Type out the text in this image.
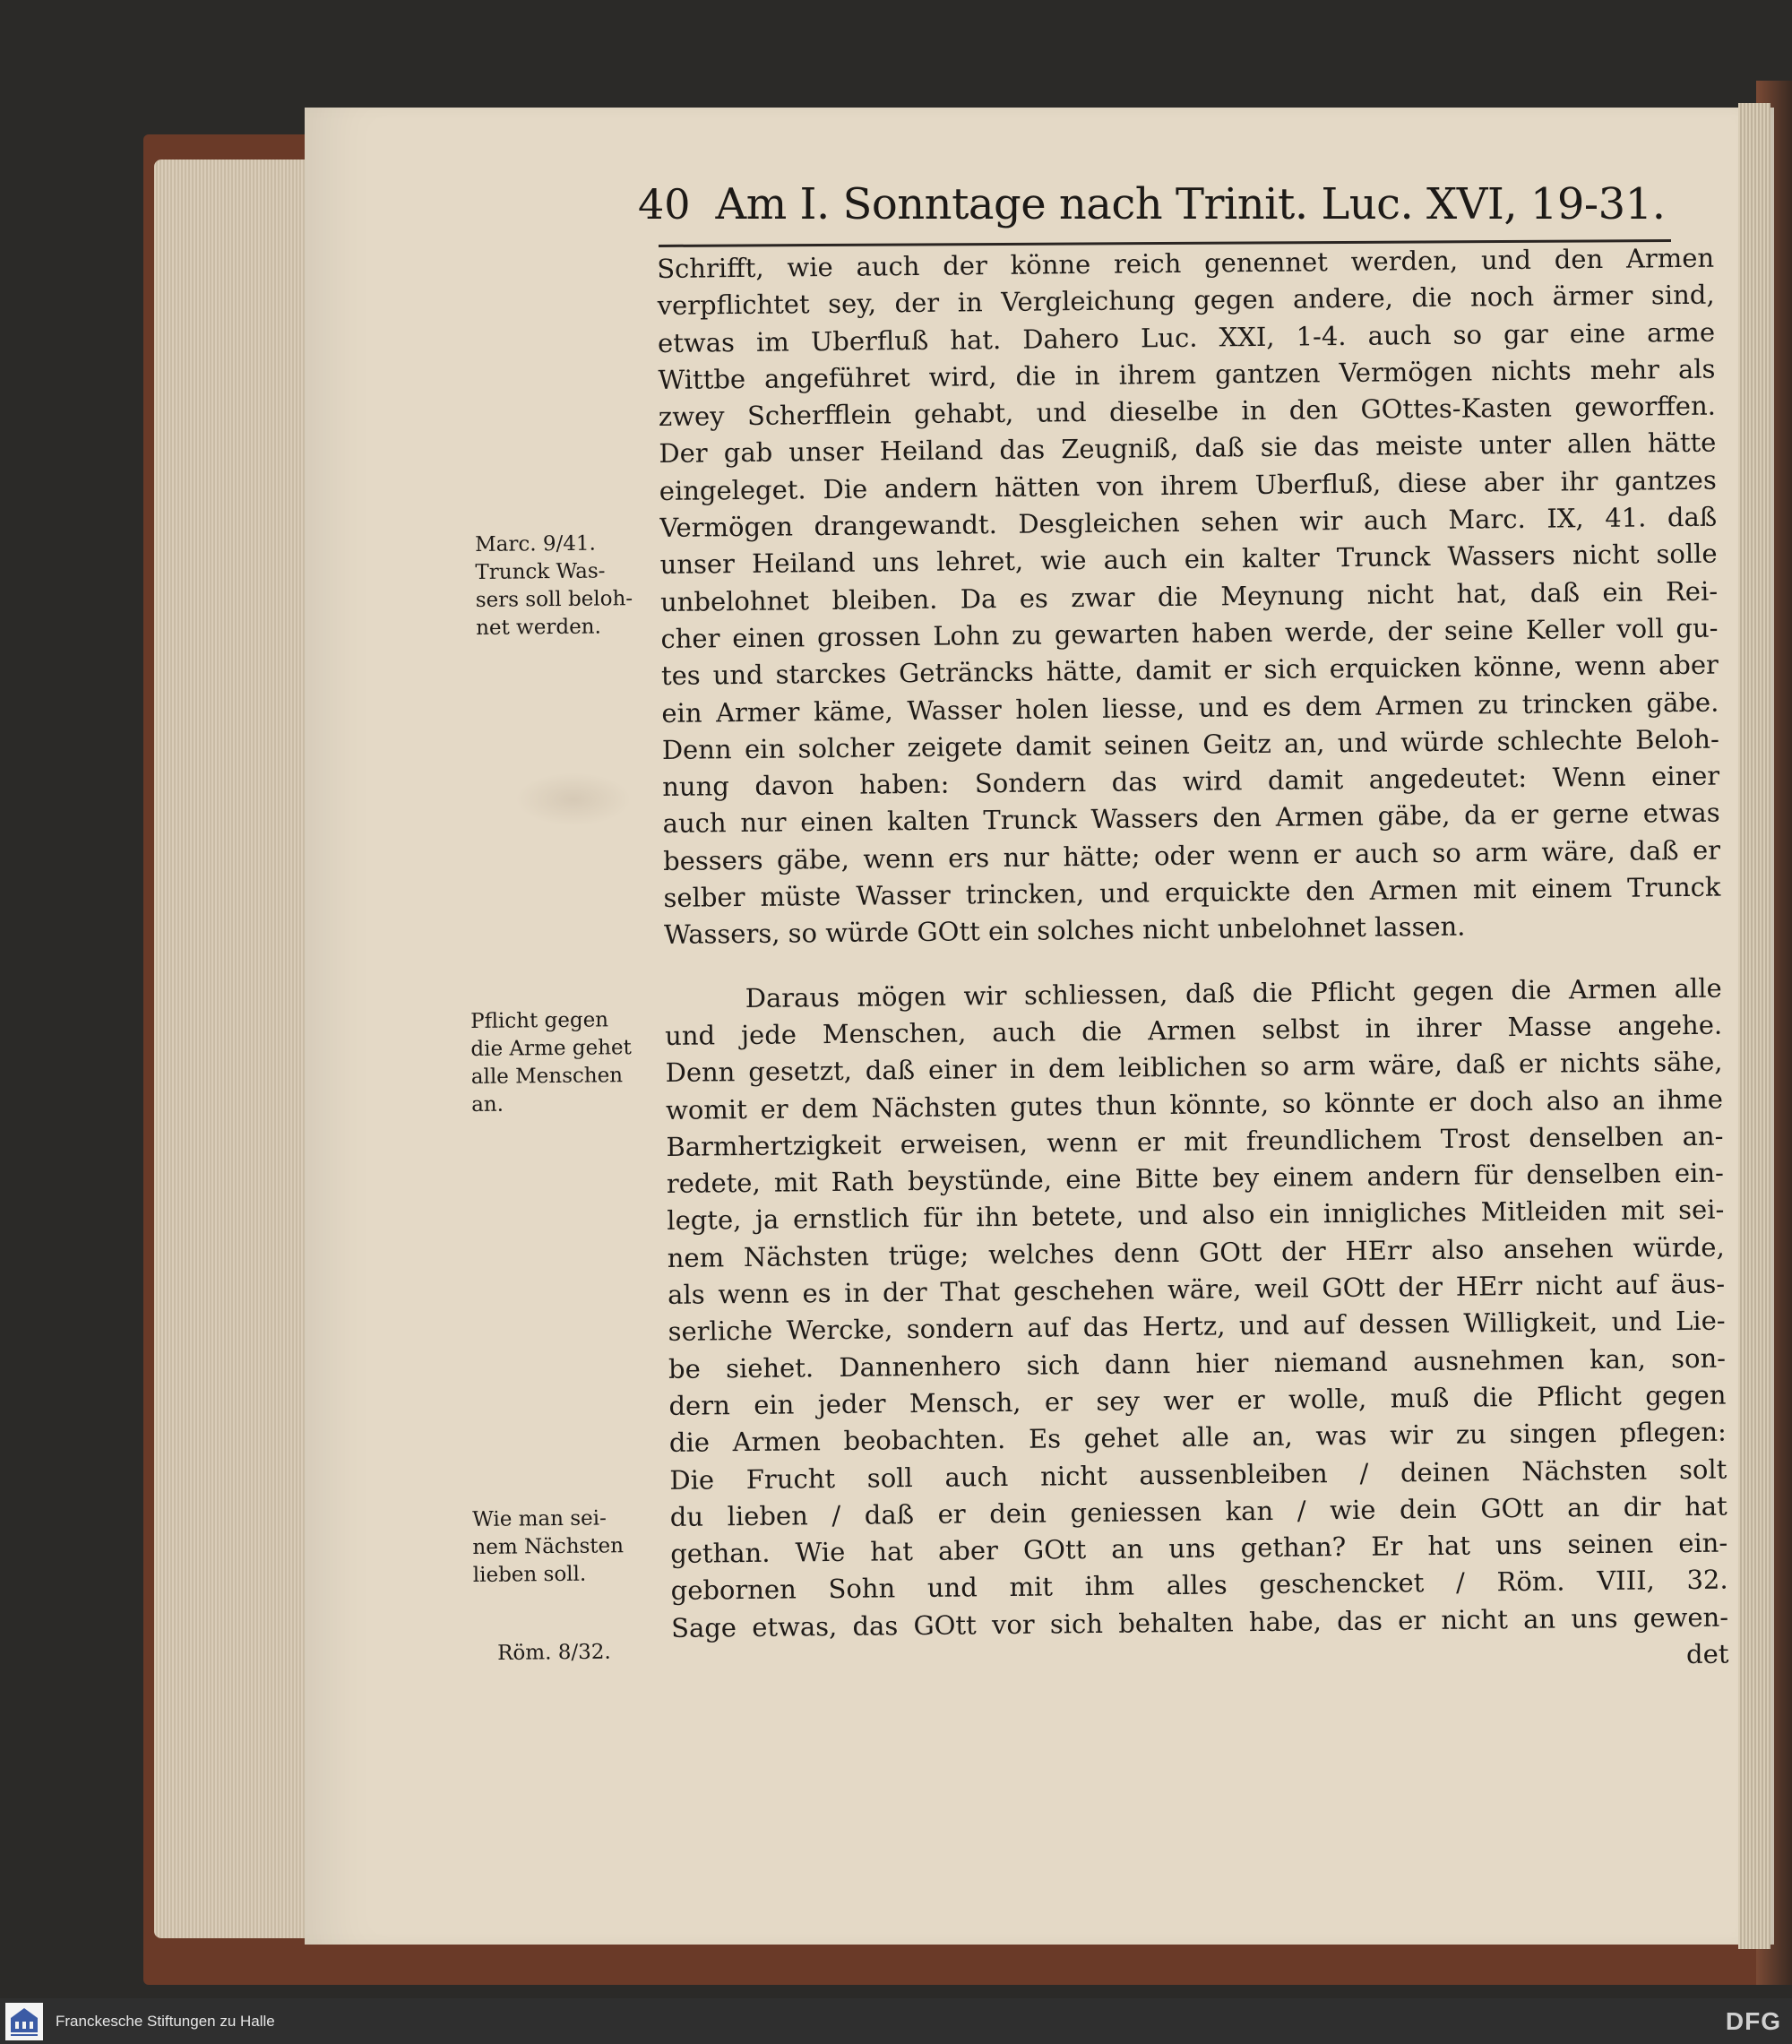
40 Am I. Sonntage nach Trinit. Luc. XVI, 19-31.
Schrifft, wie auch der könne reich genennet werden, und den Armen
verpflichtet sey, der in Vergleichung gegen andere, die noch ärmer sind,
etwas im Uberfluß hat. Dahero Luc. XXI, 1-4. auch so gar eine arme
Wittbe angeführet wird, die in ihrem gantzen Vermögen nichts mehr als
zwey Scherfflein gehabt, und dieselbe in den GOttes-Kasten geworffen.
Der gab unser Heiland das Zeugniß, daß sie das meiste unter allen hätte
eingeleget. Die andern hätten von ihrem Uberfluß, diese aber ihr gantzes
Vermögen drangewandt. Desgleichen sehen wir auch Marc. IX, 41. daß
unser Heiland uns lehret, wie auch ein kalter Trunck Wassers nicht solle
unbelohnet bleiben. Da es zwar die Meynung nicht hat, daß ein Rei-
cher einen grossen Lohn zu gewarten haben werde, der seine Keller voll gu-
tes und starckes Geträncks hätte, damit er sich erquicken könne, wenn aber
ein Armer käme, Wasser holen liesse, und es dem Armen zu trincken gäbe.
Denn ein solcher zeigete damit seinen Geitz an, und würde schlechte Beloh-
nung davon haben: Sondern das wird damit angedeutet: Wenn einer
auch nur einen kalten Trunck Wassers den Armen gäbe, da er gerne etwas
bessers gäbe, wenn ers nur hätte; oder wenn er auch so arm wäre, daß er
selber müste Wasser trincken, und erquickte den Armen mit einem Trunck
Wassers, so würde GOtt ein solches nicht unbelohnet lassen.
Daraus mögen wir schliessen, daß die Pflicht gegen die Armen alle
und jede Menschen, auch die Armen selbst in ihrer Masse angehe.
Denn gesetzt, daß einer in dem leiblichen so arm wäre, daß er nichts sähe,
womit er dem Nächsten gutes thun könnte, so könnte er doch also an ihme
Barmhertzigkeit erweisen, wenn er mit freundlichem Trost denselben an-
redete, mit Rath beystünde, eine Bitte bey einem andern für denselben ein-
legte, ja ernstlich für ihn betete, und also ein innigliches Mitleiden mit sei-
nem Nächsten trüge; welches denn GOtt der HErr also ansehen würde,
als wenn es in der That geschehen wäre, weil GOtt der HErr nicht auf äus-
serliche Wercke, sondern auf das Hertz, und auf dessen Willigkeit, und Lie-
be siehet. Dannenhero sich dann hier niemand ausnehmen kan, son-
dern ein jeder Mensch, er sey wer er wolle, muß die Pflicht gegen
die Armen beobachten. Es gehet alle an, was wir zu singen pflegen:
Die Frucht soll auch nicht aussenbleiben / deinen Nächsten solt
du lieben / daß er dein geniessen kan / wie dein GOtt an dir hat
gethan. Wie hat aber GOtt an uns gethan? Er hat uns seinen ein-
gebornen Sohn und mit ihm alles geschencket / Röm. VIII, 32.
Sage etwas, das GOtt vor sich behalten habe, das er nicht an uns gewen-
det
Marc. 9/41.
Trunck Was-
sers soll beloh-
net werden.
Pflicht gegen
die Arme gehet
alle Menschen
an.
Wie man sei-
nem Nächsten
lieben soll.
Röm. 8/32.
Franckesche Stiftungen zu Halle	DFG
